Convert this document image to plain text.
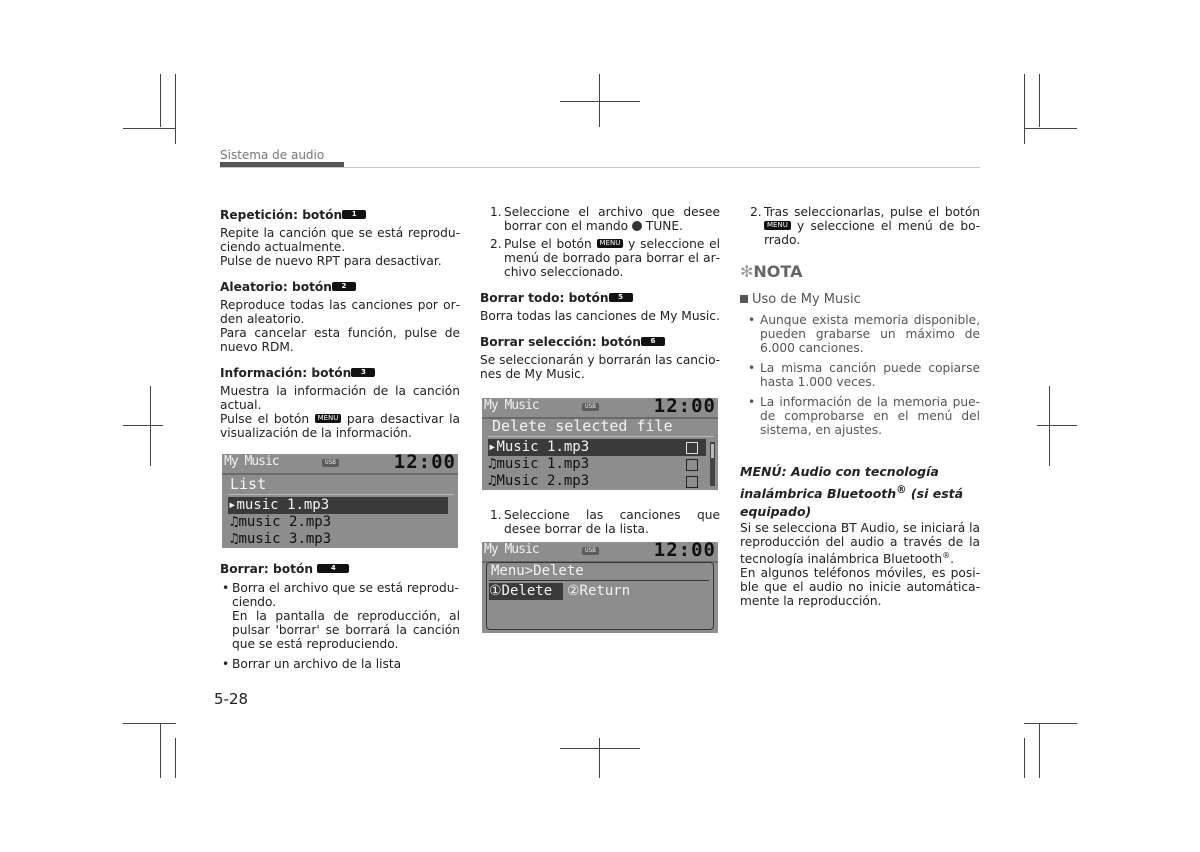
Sistema de audio

Repetición: botón 1

Repite la canción que se está reproduciendo actualmente.

Pulse de nuevo RPT para desactivar.

Aleatorio: botón 2

Reproduce todas las canciones por orden aleatorio.

Para cancelar esta función, pulse de nuevo RDM.

Información: botón 3

Muestra la información de la canción actual.

Pulse el botón MENU para desactivar la visualización de la información.

My Music	USB	12:00
List
▸music 1.mp3
♫music 2.mp3
♫music 3.mp3

Borrar: botón	4

• Borra el archivo que se está reproduciendo.
En la pantalla de reproducción, al pulsar 'borrar' se borrará la canción que se está reproduciendo.
• Borrar un archivo de la lista
1. Seleccione el archivo que desee borrar con el mando TUNE.
2. Pulse el botón MENU y seleccione el menú de borrado para borrar el archivo seleccionado.

Borrar todo: botón 5

Borra todas las canciones de My Music.

Borrar selección: botón 6

Se seleccionarán y borrarán las canciones de My Music.

My Music	USB	12:00
Delete selected file
▸Music 1.mp3
♫music 1.mp3
♫Music 2.mp3
1. Seleccione las canciones que desee borrar de la lista.
My Music	USB	12:00
Menu>Delete
①Delete	②Return
2. Tras seleccionarlas, pulse el botón MENU y seleccione el menú de borrado.
✻NOTA
Uso de My Music
• Aunque exista memoria disponible, pueden grabarse un máximo de 6.000 canciones.
• La misma canción puede copiarse hasta 1.000 veces.
• La información de la memoria puede comprobarse en el menú del sistema, en ajustes.

MENÚ: Audio con tecnología inalámbrica Bluetooth® (si está equipado)

Si se selecciona BT Audio, se iniciará la reproducción del audio a través de la tecnología inalámbrica Bluetooth®.

En algunos teléfonos móviles, es posible que el audio no inicie automáticamente la reproducción.

5-28
